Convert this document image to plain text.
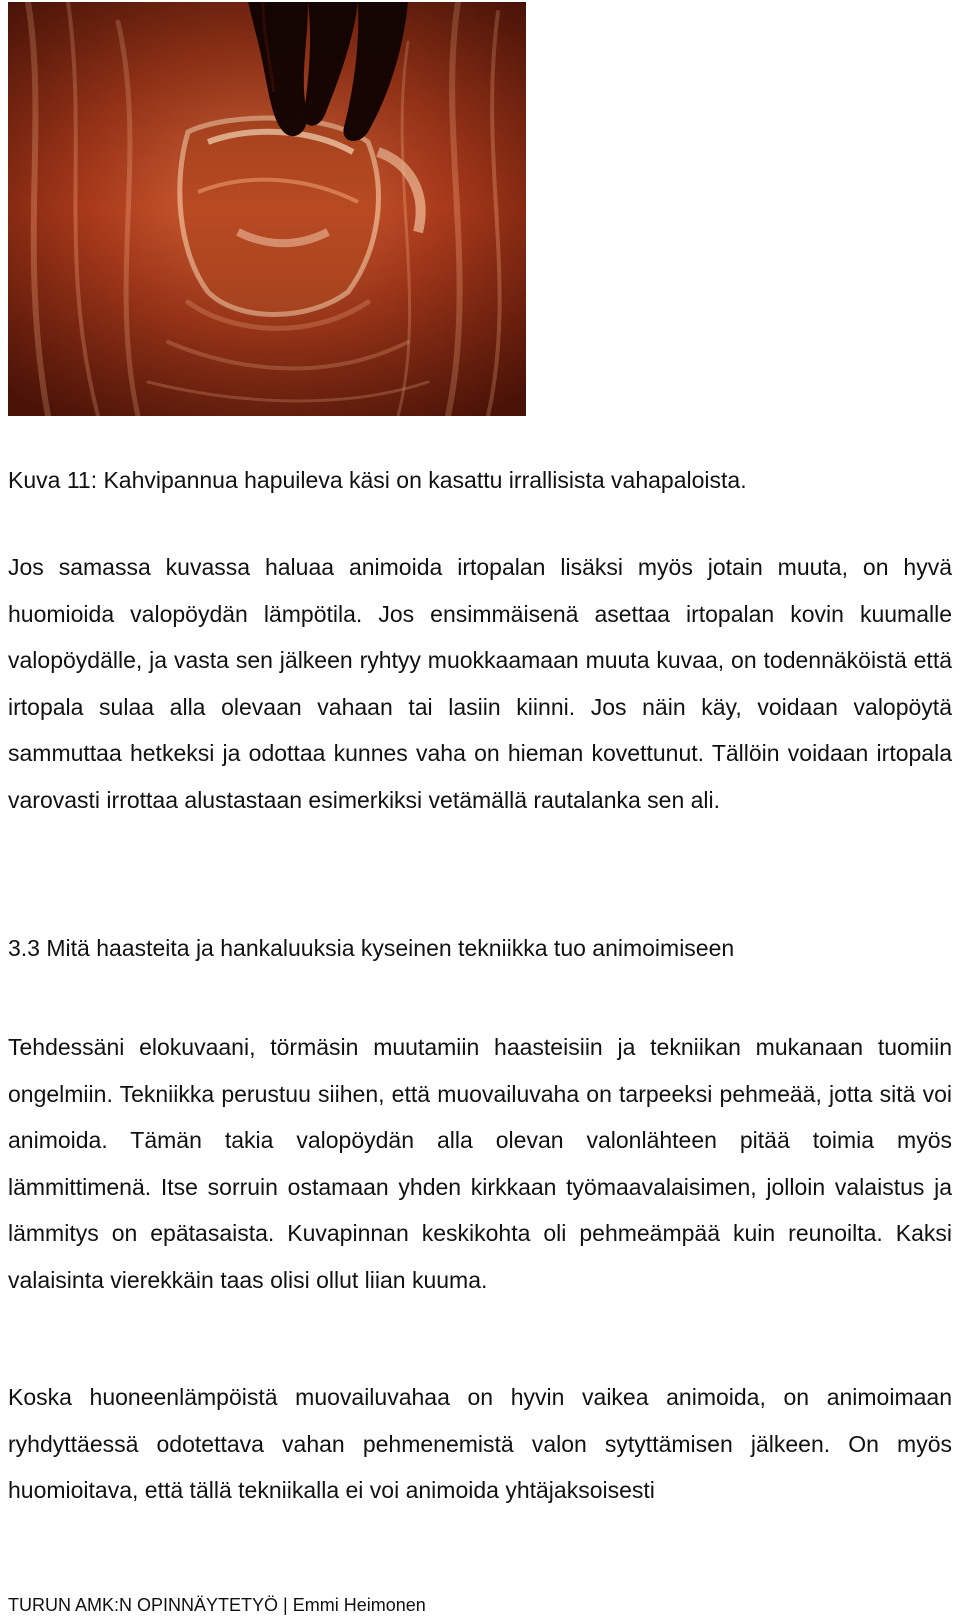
Kuva 11: Kahvipannua hapuileva käsi on kasattu irrallisista vahapaloista.

Jos samassa kuvassa haluaa animoida irtopalan lisäksi myös jotain muuta, on hyvä huomioida valopöydän lämpötila. Jos ensimmäisenä asettaa irtopalan kovin kuumalle valopöydälle, ja vasta sen jälkeen ryhtyy muokkaamaan muuta kuvaa, on todennäköistä että irtopala sulaa alla olevaan vahaan tai lasiin kiinni. Jos näin käy, voidaan valopöytä sammuttaa hetkeksi ja odottaa kunnes vaha on hieman kovettunut. Tällöin voidaan irtopala varovasti irrottaa alustastaan esimerkiksi vetämällä rautalanka sen ali.

3.3 Mitä haasteita ja hankaluuksia kyseinen tekniikka tuo animoimiseen

Tehdessäni elokuvaani, törmäsin muutamiin haasteisiin ja tekniikan mukanaan tuomiin ongelmiin. Tekniikka perustuu siihen, että muovailuvaha on tarpeeksi pehmeää, jotta sitä voi animoida. Tämän takia valopöydän alla olevan valonlähteen pitää toimia myös lämmittimenä. Itse sorruin ostamaan yhden kirkkaan työmaavalaisimen, jolloin valaistus ja lämmitys on epätasaista. Kuvapinnan keskikohta oli pehmeämpää kuin reunoilta. Kaksi valaisinta vierekkäin taas olisi ollut liian kuuma.

Koska huoneenlämpöistä muovailuvahaa on hyvin vaikea animoida, on animoimaan ryhdyttäessä odotettava vahan pehmenemistä valon sytyttämisen jälkeen. On myös huomioitava, että tällä tekniikalla ei voi animoida yhtäjaksoisesti

TURUN AMK:N OPINNÄYTETYÖ | Emmi Heimonen
